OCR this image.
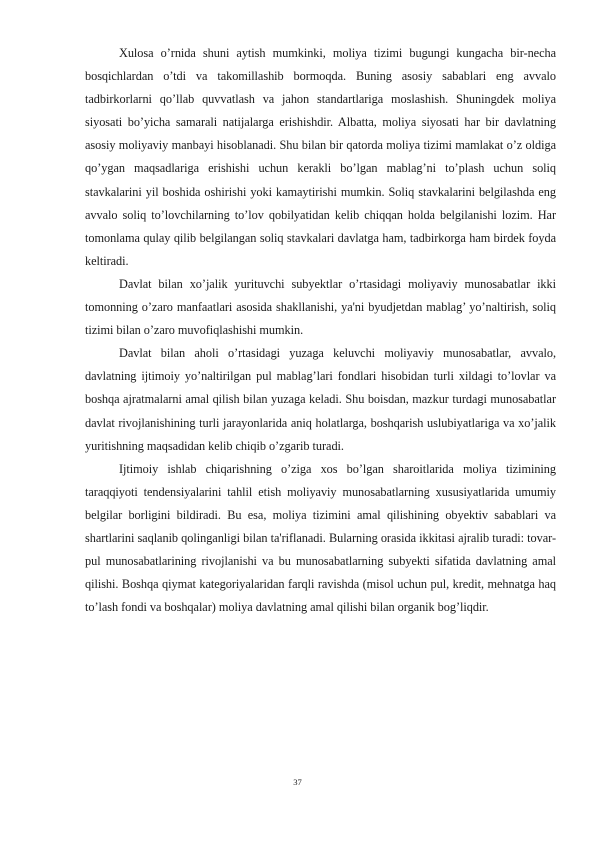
Xulosa o’rnida shuni aytish mumkinki, moliya tizimi bugungi kungacha bir-necha bosqichlardan o’tdi va takomillashib bormoqda. Buning asosiy sabablari eng avvalo tadbirkorlarni qo’llab quvvatlash va jahon standartlariga moslashish. Shuningdek moliya siyosati bo’yicha samarali natijalarga erishishdir. Albatta, moliya siyosati har bir davlatning asosiy moliyaviy manbayi hisoblanadi. Shu bilan bir qatorda moliya tizimi mamlakat o’z oldiga qo’ygan maqsadlariga erishishi uchun kerakli bo’lgan mablag’ni to’plash uchun soliq stavkalarini yil boshida oshirishi yoki kamaytirishi mumkin. Soliq stavkalarini belgilashda eng avvalo soliq to’lovchilarning to’lov qobilyatidan kelib chiqqan holda belgilanishi lozim. Har tomonlama qulay qilib belgilangan soliq stavkalari davlatga ham, tadbirkorga ham birdek foyda keltiradi.

Davlat bilan xo’jalik yurituvchi subyektlar o’rtasidagi moliyaviy munosabatlar ikki tomonning o’zaro manfaatlari asosida shakllanishi, ya'ni byudjetdan mablag’ yo’naltirish, soliq tizimi bilan o’zaro muvofiqlashishi mumkin.

Davlat bilan aholi o’rtasidagi yuzaga keluvchi moliyaviy munosabatlar, avvalo, davlatning ijtimoiy yo’naltirilgan pul mablag’lari fondlari hisobidan turli xildagi to’lovlar va boshqa ajratmalarni amal qilish bilan yuzaga keladi. Shu boisdan, mazkur turdagi munosabatlar davlat rivojlanishining turli jarayonlarida aniq holatlarga, boshqarish uslubiyatlariga va xo’jalik yuritishning maqsadidan kelib chiqib o’zgarib turadi.

Ijtimoiy ishlab chiqarishning o’ziga xos bo’lgan sharoitlarida moliya tizimining taraqqiyoti tendensiyalarini tahlil etish moliyaviy munosabatlarning xususiyatlarida umumiy belgilar borligini bildiradi. Bu esa, moliya tizimini amal qilishining obyektiv sabablari va shartlarini saqlanib qolinganligi bilan ta'riflanadi. Bularning orasida ikkitasi ajralib turadi: tovar-pul munosabatlarining rivojlanishi va bu munosabatlarning subyekti sifatida davlatning amal qilishi. Boshqa qiymat kategoriyalaridan farqli ravishda (misol uchun pul, kredit, mehnatga haq to’lash fondi va boshqalar) moliya davlatning amal qilishi bilan organik bog’liqdir.

37
